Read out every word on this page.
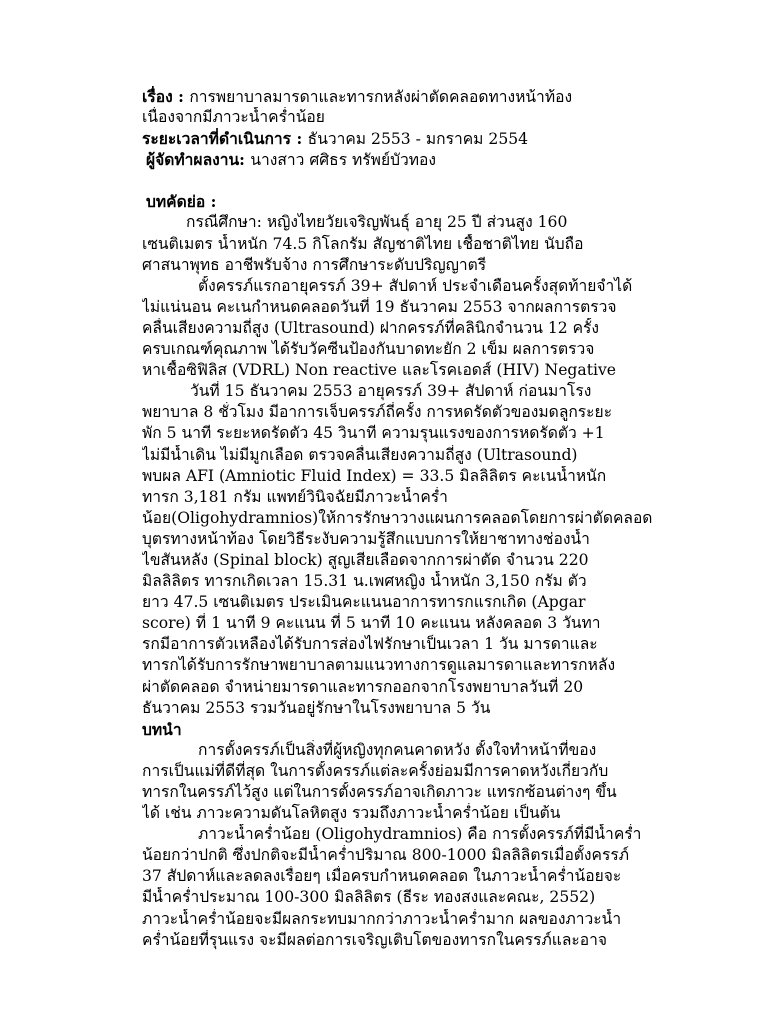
เรื่อง : การพยาบาลมารดาและทารกหลังผ่าตัดคลอดทางหน้าท้อง
เนื่องจากมีภาวะน้ำคร่ำน้อย
ระยะเวลาที่ดำเนินการ : ธันวาคม 2553 - มกราคม 2554
ผู้จัดทำผลงาน: นางสาว ศศิธร ทรัพย์บัวทอง
บทคัดย่อ :
กรณีศึกษา: หญิงไทยวัยเจริญพันธุ์ อายุ 25 ปี ส่วนสูง 160
เซนติเมตร น้ำหนัก 74.5 กิโลกรัม สัญชาติไทย เชื้อชาติไทย นับถือ
ศาสนาพุทธ อาชีพรับจ้าง การศึกษาระดับปริญญาตรี
ตั้งครรภ์แรกอายุครรภ์ 39+ สัปดาห์ ประจำเดือนครั้งสุดท้ายจำได้
ไม่แน่นอน คะเนกำหนดคลอดวันที่ 19 ธันวาคม 2553 จากผลการตรวจ
คลื่นเสียงความถี่สูง (Ultrasound) ฝากครรภ์ที่คลินิกจำนวน 12 ครั้ง
ครบเกณฑ์คุณภาพ ได้รับวัคซีนป้องกันบาดทะยัก 2 เข็ม ผลการตรวจ
หาเชื้อซิฟิลิส (VDRL) Non reactive และโรคเอดส์ (HIV) Negative
วันที่ 15 ธันวาคม 2553 อายุครรภ์ 39+ สัปดาห์ ก่อนมาโรง
พยาบาล 8 ชั่วโมง มีอาการเจ็บครรภ์ถี่ครั้ง การหดรัดตัวของมดลูกระยะ
พัก 5 นาที ระยะหดรัดตัว 45 วินาที ความรุนแรงของการหดรัดตัว +1
ไม่มีน้ำเดิน ไม่มีมูกเลือด ตรวจคลื่นเสียงความถี่สูง (Ultrasound)
พบผล AFI (Amniotic Fluid Index) = 33.5 มิลลิลิตร คะเนน้ำหนัก
ทารก 3,181 กรัม แพทย์วินิจฉัยมีภาวะน้ำคร่ำ
น้อย(Oligohydramnios)ให้การรักษาวางแผนการคลอดโดยการผ่าตัดคลอด
บุตรทางหน้าท้อง โดยวิธีระงับความรู้สึกแบบการให้ยาชาทางช่องน้ำ
ไขสันหลัง (Spinal block) สูญเสียเลือดจากการผ่าตัด จำนวน 220
มิลลิลิตร ทารกเกิดเวลา 15.31 น.เพศหญิง น้ำหนัก 3,150 กรัม ตัว
ยาว 47.5 เซนติเมตร ประเมินคะแนนอาการทารกแรกเกิด (Apgar
score) ที่ 1 นาที 9 คะแนน ที่ 5 นาที 10 คะแนน หลังคลอด 3 วันทา
รกมีอาการตัวเหลืองได้รับการส่องไฟรักษาเป็นเวลา 1 วัน มารดาและ
ทารกได้รับการรักษาพยาบาลตามแนวทางการดูแลมารดาและทารกหลัง
ผ่าตัดคลอด จำหน่ายมารดาและทารกออกจากโรงพยาบาลวันที่ 20
ธันวาคม 2553 รวมวันอยู่รักษาในโรงพยาบาล 5 วัน
บทนำ
การตั้งครรภ์เป็นสิ่งที่ผู้หญิงทุกคนคาดหวัง ตั้งใจทำหน้าที่ของ
การเป็นแม่ที่ดีที่สุด ในการตั้งครรภ์แต่ละครั้งย่อมมีการคาดหวังเกี่ยวกับ
ทารกในครรภ์ไว้สูง แต่ในการตั้งครรภ์อาจเกิดภาวะ แทรกซ้อนต่างๆ ขึ้น
ได้ เช่น ภาวะความดันโลหิตสูง รวมถึงภาวะน้ำคร่ำน้อย เป็นต้น
ภาวะน้ำคร่ำน้อย (Oligohydramnios) คือ การตั้งครรภ์ที่มีน้ำคร่ำ
น้อยกว่าปกติ ซึ่งปกติจะมีน้ำคร่ำปริมาณ 800-1000 มิลลิลิตรเมื่อตั้งครรภ์
37 สัปดาห์และลดลงเรื่อยๆ เมื่อครบกำหนดคลอด ในภาวะน้ำคร่ำน้อยจะ
มีน้ำคร่ำประมาณ 100-300 มิลลิลิตร (ธีระ ทองสงและคณะ, 2552)
ภาวะน้ำคร่ำน้อยจะมีผลกระทบมากกว่าภาวะน้ำคร่ำมาก ผลของภาวะน้ำ
คร่ำน้อยที่รุนแรง จะมีผลต่อการเจริญเติบโตของทารกในครรภ์และอาจ
